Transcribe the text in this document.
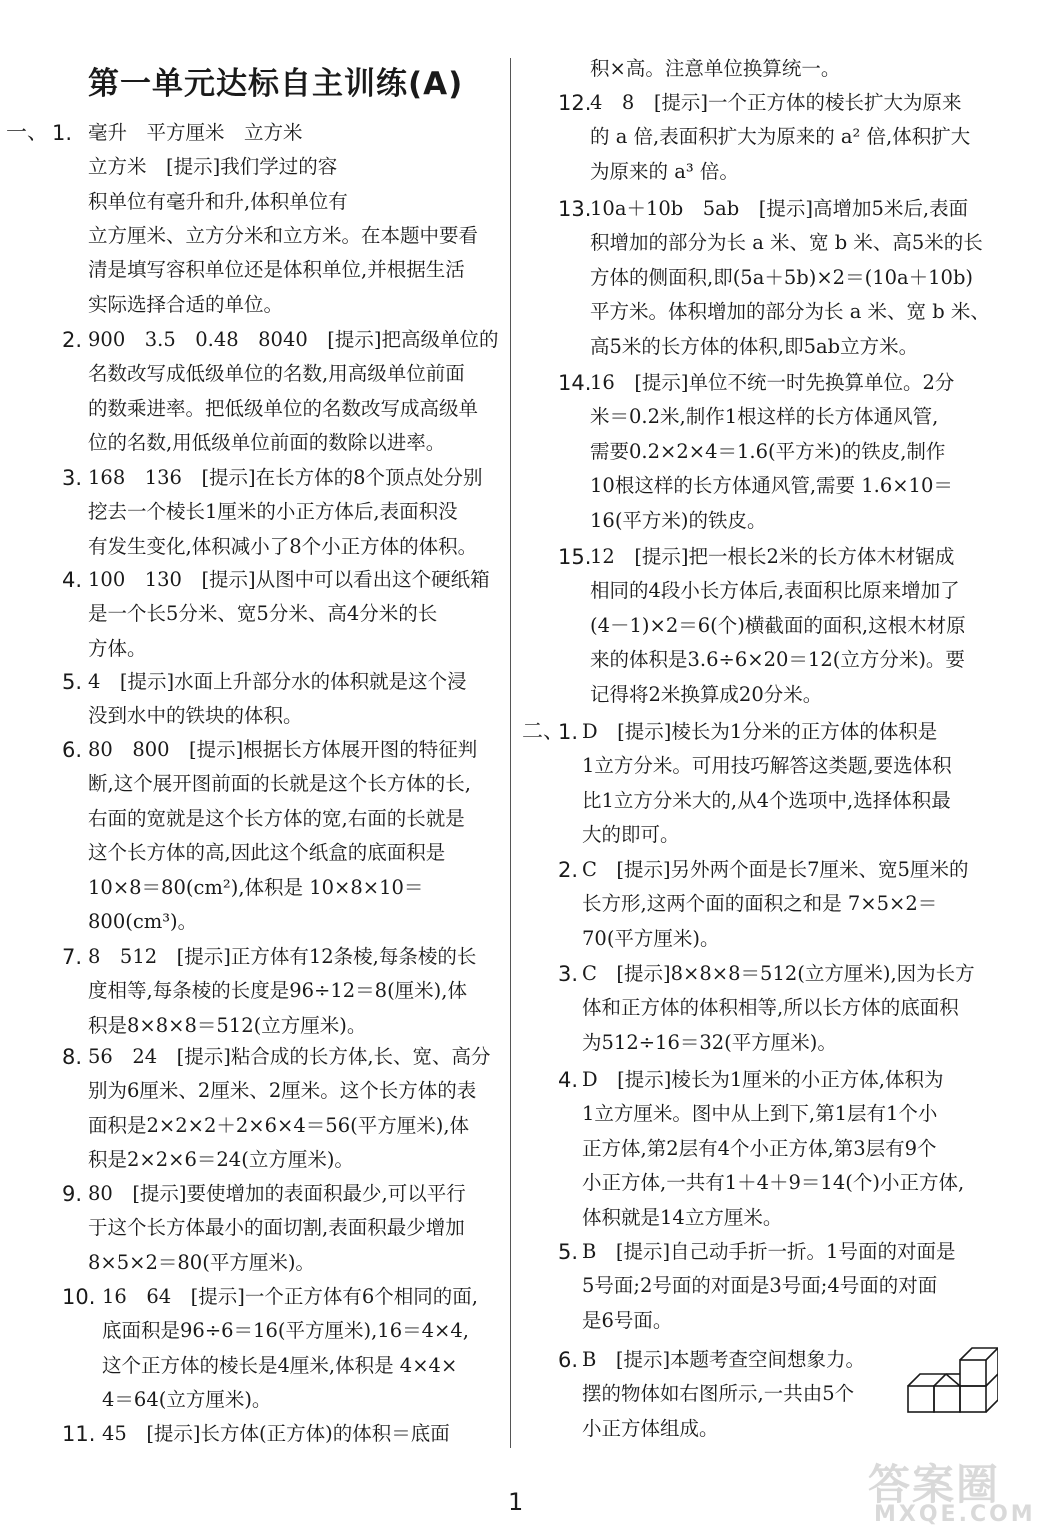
第一单元达标自主训练(A)
一、 1. 毫升　平方厘米　立方米
立方米　[提示]我们学过的容
积单位有毫升和升,体积单位有
立方厘米、立方分米和立方米。在本题中要看
清是填写容积单位还是体积单位,并根据生活
实际选择合适的单位。
2. 900　3.5　0.48　8040　[提示]把高级单位的
名数改写成低级单位的名数,用高级单位前面
的数乘进率。把低级单位的名数改写成高级单
位的名数,用低级单位前面的数除以进率。
3. 168　136　[提示]在长方体的8个顶点处分别
挖去一个棱长1厘米的小正方体后,表面积没
有发生变化,体积减小了8个小正方体的体积。
4. 100　130　[提示]从图中可以看出这个硬纸箱
是一个长5分米、宽5分米、高4分米的长
方体。
5. 4　[提示]水面上升部分水的体积就是这个浸
没到水中的铁块的体积。
6. 80　800　[提示]根据长方体展开图的特征判
断,这个展开图前面的长就是这个长方体的长,
右面的宽就是这个长方体的宽,右面的长就是
这个长方体的高,因此这个纸盒的底面积是
10×8＝80(cm²),体积是 10×8×10＝
800(cm³)。
7. 8　512　[提示]正方体有12条棱,每条棱的长
度相等,每条棱的长度是96÷12＝8(厘米),体
积是8×8×8＝512(立方厘米)。
8. 56　24　[提示]粘合成的长方体,长、宽、高分
别为6厘米、2厘米、2厘米。这个长方体的表
面积是2×2×2＋2×6×4＝56(平方厘米),体
积是2×2×6＝24(立方厘米)。
9. 80　[提示]要使增加的表面积最少,可以平行
于这个长方体最小的面切割,表面积最少增加
8×5×2＝80(平方厘米)。
10. 16　64　[提示]一个正方体有6个相同的面,
底面积是96÷6＝16(平方厘米),16＝4×4,
这个正方体的棱长是4厘米,体积是 4×4×
4＝64(立方厘米)。
11. 45　[提示]长方体(正方体)的体积＝底面
积×高。注意单位换算统一。
12.
4　8　[提示]一个正方体的棱长扩大为原来
的 a 倍,表面积扩大为原来的 a² 倍,体积扩大
为原来的 a³ 倍。
13.
10a＋10b　5ab　[提示]高增加5米后,表面
积增加的部分为长 a 米、宽 b 米、高5米的长
方体的侧面积,即(5a＋5b)×2＝(10a＋10b)
平方米。体积增加的部分为长 a 米、宽 b 米、
高5米的长方体的体积,即5ab立方米。
14.
16　[提示]单位不统一时先换算单位。2分
米＝0.2米,制作1根这样的长方体通风管,
需要0.2×2×4＝1.6(平方米)的铁皮,制作
10根这样的长方体通风管,需要 1.6×10＝
16(平方米)的铁皮。
15.
12　[提示]把一根长2米的长方体木材锯成
相同的4段小长方体后,表面积比原来增加了
(4－1)×2＝6(个)横截面的面积,这根木材原
来的体积是3.6÷6×20＝12(立方分米)。要
记得将2米换算成20分米。
二、
1. D　[提示]棱长为1分米的正方体的体积是
1立方分米。可用技巧解答这类题,要选体积
比1立方分米大的,从4个选项中,选择体积最
大的即可。
2. C　[提示]另外两个面是长7厘米、宽5厘米的
长方形,这两个面的面积之和是 7×5×2＝
70(平方厘米)。
3. C　[提示]8×8×8＝512(立方厘米),因为长方
体和正方体的体积相等,所以长方体的底面积
为512÷16＝32(平方厘米)。
4. D　[提示]棱长为1厘米的小正方体,体积为
1立方厘米。图中从上到下,第1层有1个小
正方体,第2层有4个小正方体,第3层有9个
小正方体,一共有1＋4＋9＝14(个)小正方体,
体积就是14立方厘米。
5. B　[提示]自己动手折一折。1号面的对面是
5号面;2号面的对面是3号面;4号面的对面
是6号面。
6. B　[提示]本题考查空间想象力。
摆的物体如右图所示,一共由5个
小正方体组成。
1	答案圈
MXQE.COM
